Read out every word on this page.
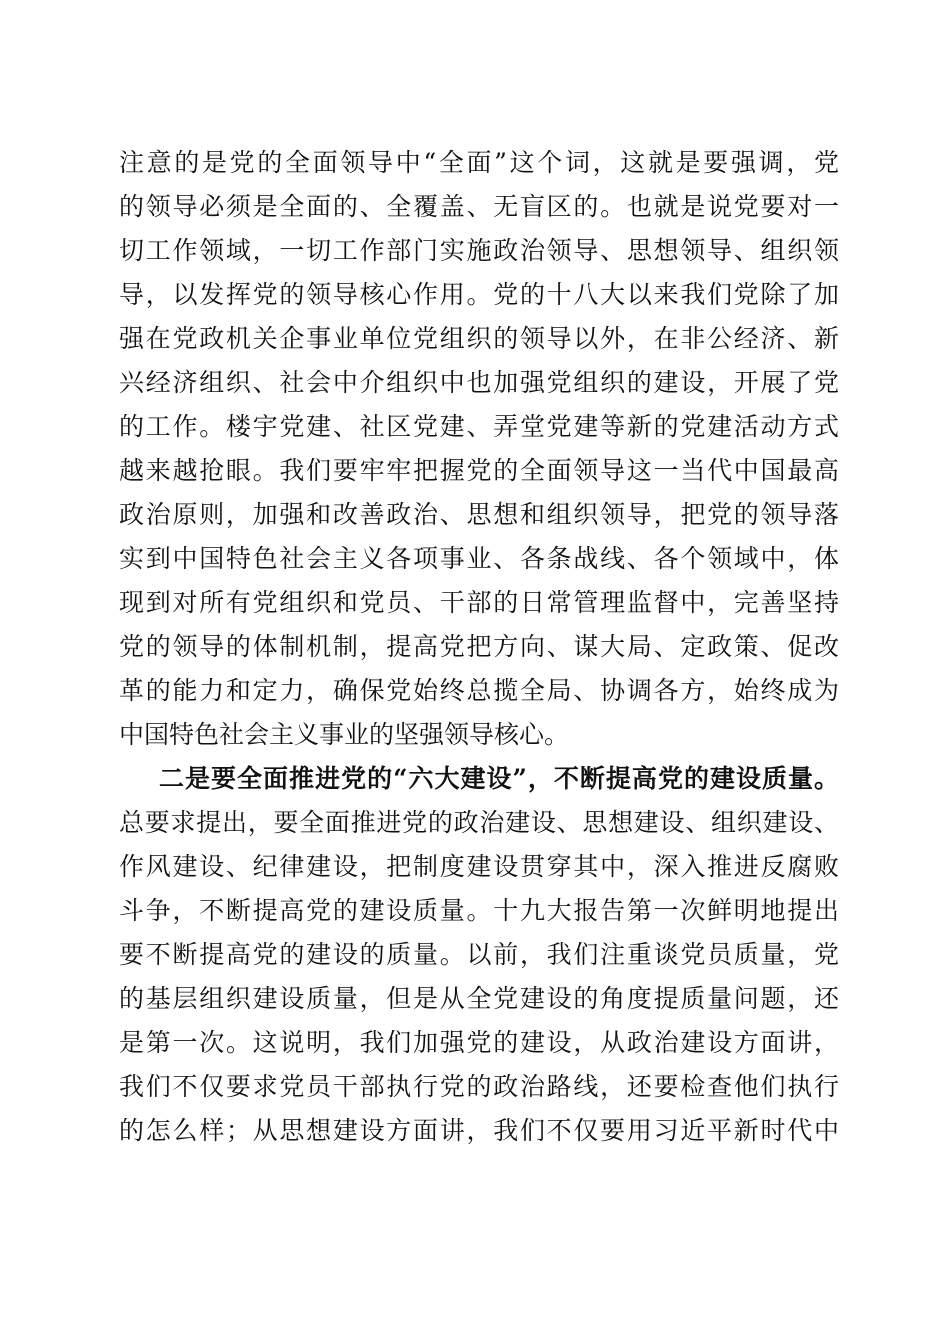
注意的是党的全面领导中“全面”这个词，这就是要强调，党
的领导必须是全面的、全覆盖、无盲区的。也就是说党要对一
切工作领域，一切工作部门实施政治领导、思想领导、组织领
导，以发挥党的领导核心作用。党的十八大以来我们党除了加
强在党政机关企事业单位党组织的领导以外，在非公经济、新
兴经济组织、社会中介组织中也加强党组织的建设，开展了党
的工作。楼宇党建、社区党建、弄堂党建等新的党建活动方式
越来越抢眼。我们要牢牢把握党的全面领导这一当代中国最高
政治原则，加强和改善政治、思想和组织领导，把党的领导落
实到中国特色社会主义各项事业、各条战线、各个领域中，体
现到对所有党组织和党员、干部的日常管理监督中，完善坚持
党的领导的体制机制，提高党把方向、谋大局、定政策、促改
革的能力和定力，确保党始终总揽全局、协调各方，始终成为
中国特色社会主义事业的坚强领导核心。
二是要全面推进党的“六大建设”，不断提高党的建设质量。
总要求提出，要全面推进党的政治建设、思想建设、组织建设、
作风建设、纪律建设，把制度建设贯穿其中，深入推进反腐败
斗争，不断提高党的建设质量。十九大报告第一次鲜明地提出
要不断提高党的建设的质量。以前，我们注重谈党员质量，党
的基层组织建设质量，但是从全党建设的角度提质量问题，还
是第一次。这说明，我们加强党的建设，从政治建设方面讲，
我们不仅要求党员干部执行党的政治路线，还要检查他们执行
的怎么样；从思想建设方面讲，我们不仅要用习近平新时代中
